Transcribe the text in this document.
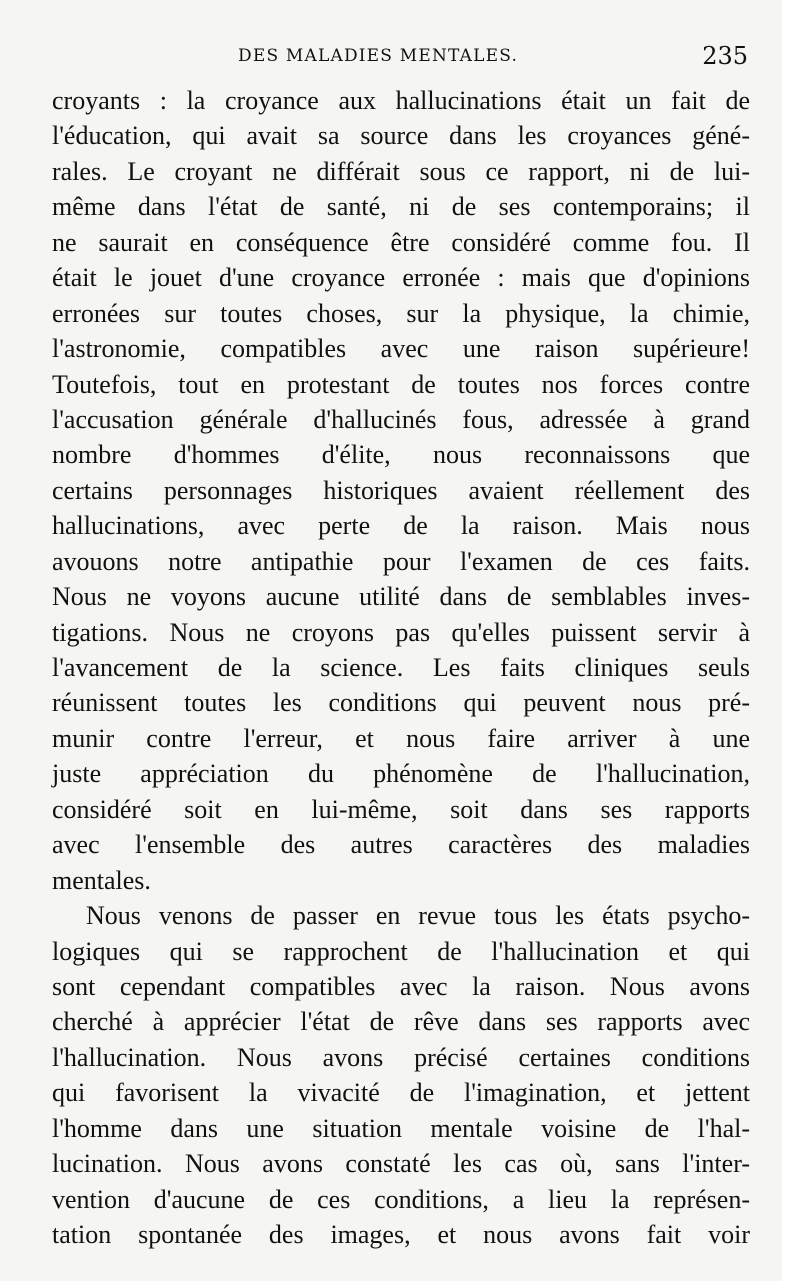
DES MALADIES MENTALES.	235
croyants : la croyance aux hallucinations était un fait de
l'éducation, qui avait sa source dans les croyances géné-
rales. Le croyant ne différait sous ce rapport, ni de lui-
même dans l'état de santé, ni de ses contemporains; il
ne saurait en conséquence être considéré comme fou. Il
était le jouet d'une croyance erronée : mais que d'opinions
erronées sur toutes choses, sur la physique, la chimie,
l'astronomie, compatibles avec une raison supérieure!
Toutefois, tout en protestant de toutes nos forces contre
l'accusation générale d'hallucinés fous, adressée à grand
nombre d'hommes d'élite, nous reconnaissons que
certains personnages historiques avaient réellement des
hallucinations, avec perte de la raison. Mais nous
avouons notre antipathie pour l'examen de ces faits.
Nous ne voyons aucune utilité dans de semblables inves-
tigations. Nous ne croyons pas qu'elles puissent servir à
l'avancement de la science. Les faits cliniques seuls
réunissent toutes les conditions qui peuvent nous pré-
munir contre l'erreur, et nous faire arriver à une
juste appréciation du phénomène de l'hallucination,
considéré soit en lui-même, soit dans ses rapports
avec l'ensemble des autres caractères des maladies
mentales.
Nous venons de passer en revue tous les états psycho-
logiques qui se rapprochent de l'hallucination et qui
sont cependant compatibles avec la raison. Nous avons
cherché à apprécier l'état de rêve dans ses rapports avec
l'hallucination. Nous avons précisé certaines conditions
qui favorisent la vivacité de l'imagination, et jettent
l'homme dans une situation mentale voisine de l'hal-
lucination. Nous avons constaté les cas où, sans l'inter-
vention d'aucune de ces conditions, a lieu la représen-
tation spontanée des images, et nous avons fait voir
